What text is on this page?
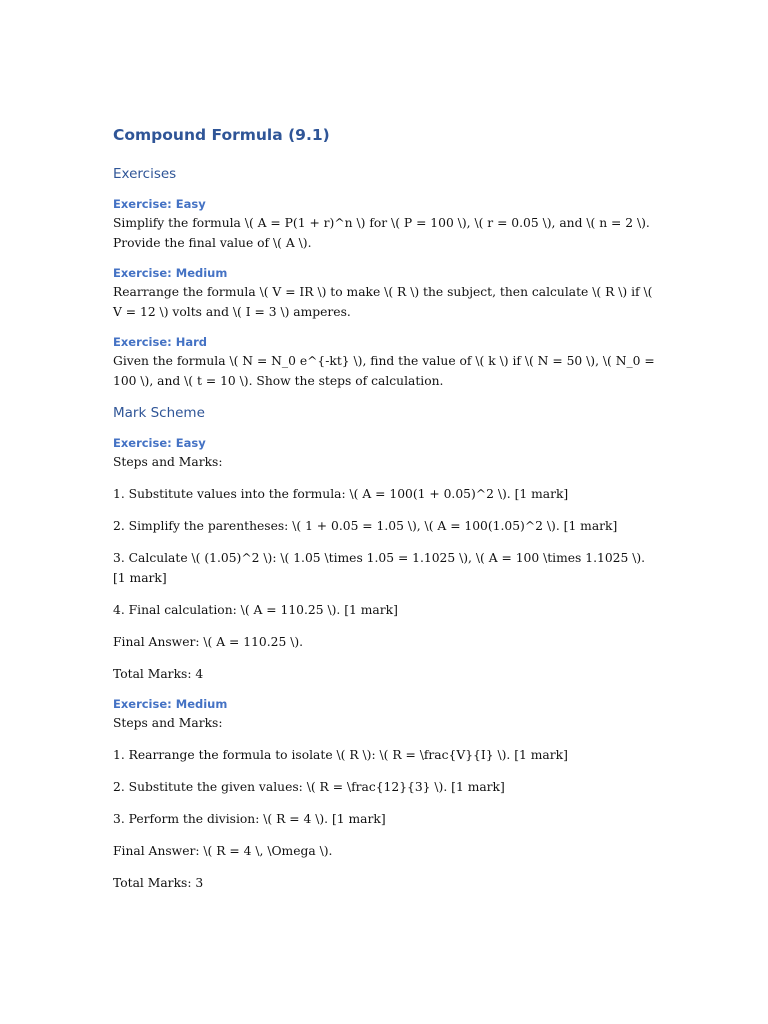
Compound Formula (9.1)
Exercises
Exercise: Easy

Simplify the formula \( A = P(1 + r)^n \) for \( P = 100 \), \( r = 0.05 \), and \( n = 2 \). Provide the final value of \( A \).

Exercise: Medium

Rearrange the formula \( V = IR \) to make \( R \) the subject, then calculate \( R \) if \( V = 12 \) volts and \( I = 3 \) amperes.

Exercise: Hard

Given the formula \( N = N_0 e^{-kt} \), find the value of \( k \) if \( N = 50 \), \( N_0 = 100 \), and \( t = 10 \). Show the steps of calculation.

Mark Scheme
Exercise: Easy

Steps and Marks:

1. Substitute values into the formula: \( A = 100(1 + 0.05)^2 \). [1 mark]

2. Simplify the parentheses: \( 1 + 0.05 = 1.05 \), \( A = 100(1.05)^2 \). [1 mark]

3. Calculate \( (1.05)^2 \): \( 1.05 \times 1.05 = 1.1025 \), \( A = 100 \times 1.1025 \). [1 mark]

4. Final calculation: \( A = 110.25 \). [1 mark]

Final Answer: \( A = 110.25 \).

Total Marks: 4

Exercise: Medium

Steps and Marks:

1. Rearrange the formula to isolate \( R \): \( R = \frac{V}{I} \). [1 mark]

2. Substitute the given values: \( R = \frac{12}{3} \). [1 mark]

3. Perform the division: \( R = 4 \). [1 mark]

Final Answer: \( R = 4 \, \Omega \).

Total Marks: 3
